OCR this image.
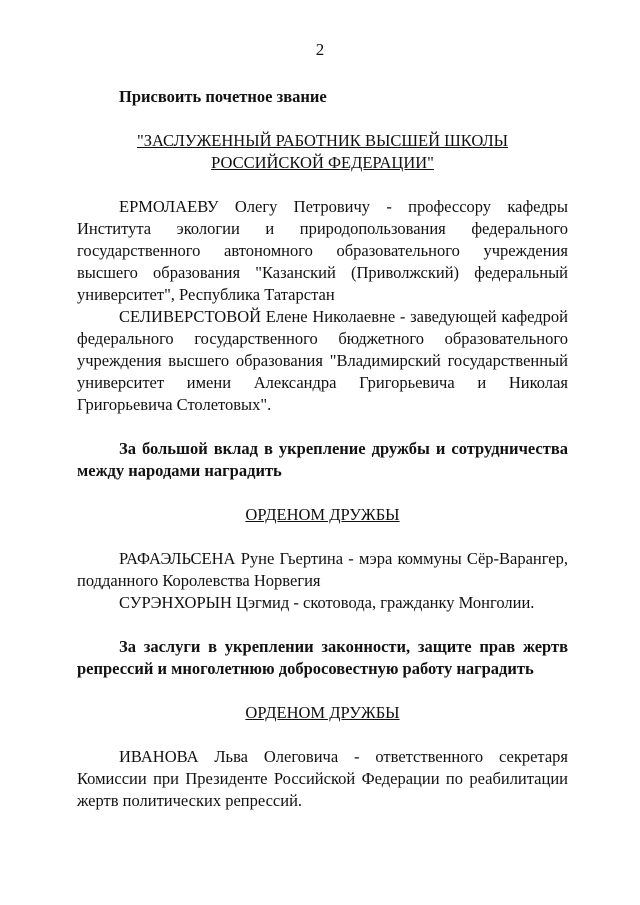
2

Присвоить почетное звание

"ЗАСЛУЖЕННЫЙ РАБОТНИК ВЫСШЕЙ ШКОЛЫ

РОССИЙСКОЙ ФЕДЕРАЦИИ"

ЕРМОЛАЕВУ Олегу Петровичу - профессору кафедры Института экологии и природопользования федерального государственного автономного образовательного учреждения высшего образования "Казанский (Приволжский) федеральный университет", Республика Татарстан

СЕЛИВЕРСТОВОЙ Елене Николаевне - заведующей кафедрой федерального государственного бюджетного образовательного учреждения высшего образования "Владимирский государственный университет имени Александра Григорьевича и Николая Григорьевича Столетовых".

За большой вклад в укрепление дружбы и сотрудничества между народами наградить

ОРДЕНОМ ДРУЖБЫ

РАФАЭЛЬСЕНА Руне Гьертина - мэра коммуны Сёр-Варангер, подданного Королевства Норвегия

СУРЭНХОРЫН Цэгмид - скотовода, гражданку Монголии.

За заслуги в укреплении законности, защите прав жертв репрессий и многолетнюю добросовестную работу наградить

ОРДЕНОМ ДРУЖБЫ

ИВАНОВА Льва Олеговича - ответственного секретаря Комиссии при Президенте Российской Федерации по реабилитации жертв политических репрессий.
